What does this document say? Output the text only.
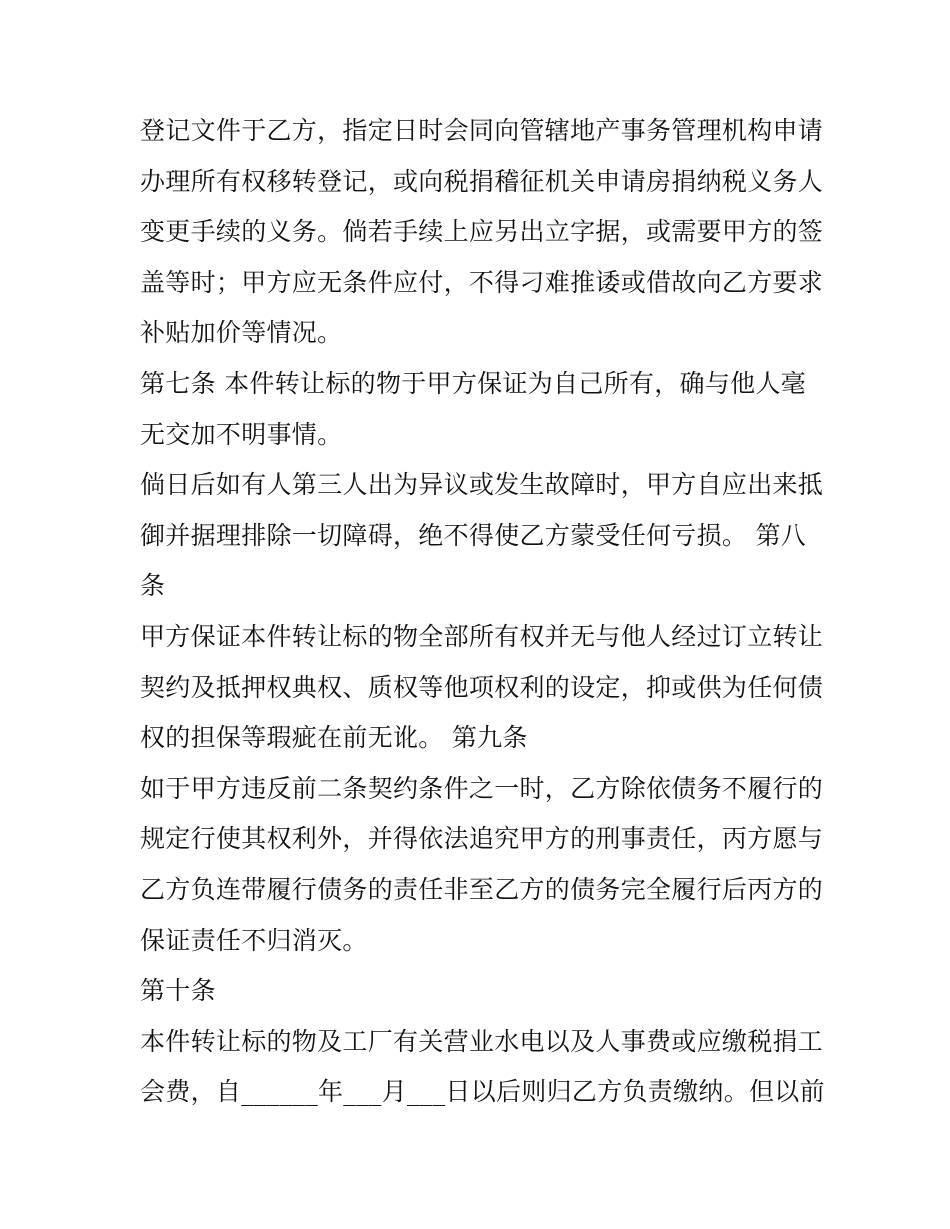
登记文件于乙方，指定日时会同向管辖地产事务管理机构申请
办理所有权移转登记，或向税捐稽征机关申请房捐纳税义务人
变更手续的义务。倘若手续上应另出立字据，或需要甲方的签
盖等时；甲方应无条件应付，不得刁难推诿或借故向乙方要求
补贴加价等情况。
第七条 本件转让标的物于甲方保证为自己所有，确与他人毫
无交加不明事情。
倘日后如有人第三人出为异议或发生故障时，甲方自应出来抵
御并据理排除一切障碍，绝不得使乙方蒙受任何亏损。 第八
条
甲方保证本件转让标的物全部所有权并无与他人经过订立转让
契约及抵押权典权、质权等他项权利的设定，抑或供为任何债
权的担保等瑕疵在前无讹。 第九条
如于甲方违反前二条契约条件之一时，乙方除依债务不履行的
规定行使其权利外，并得依法追究甲方的刑事责任，丙方愿与
乙方负连带履行债务的责任非至乙方的债务完全履行后丙方的
保证责任不归消灭。
第十条
本件转让标的物及工厂有关营业水电以及人事费或应缴税捐工
会费，自______年___月___日以后则归乙方负责缴纳。但以前
